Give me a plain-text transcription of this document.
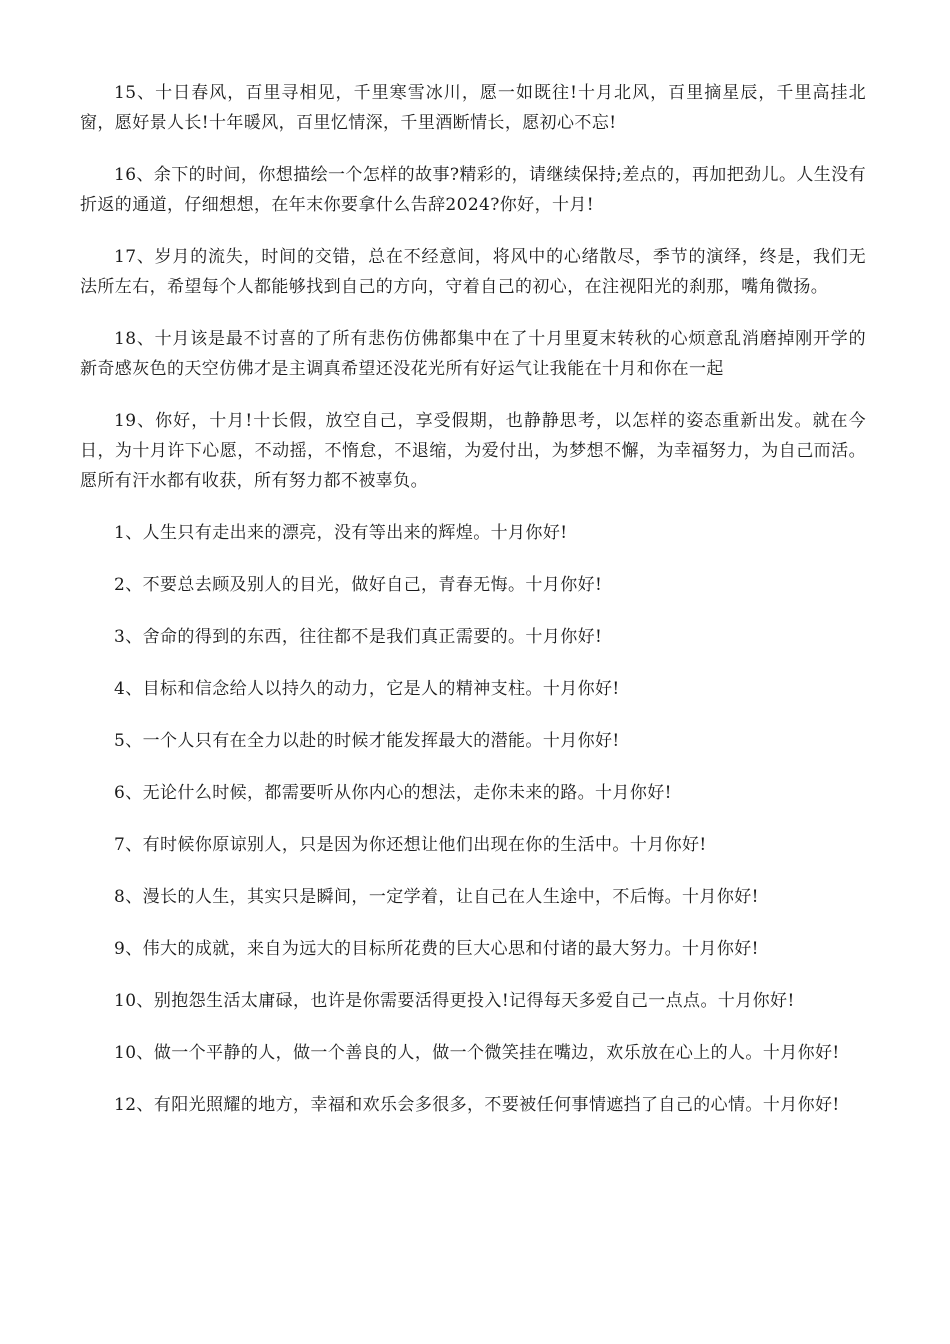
15、十日春风，百里寻相见，千里寒雪冰川，愿一如既往!十月北风，百里摘星辰，千里高挂北窗，愿好景人长!十年暖风，百里忆情深，千里酒断情长，愿初心不忘!

16、余下的时间，你想描绘一个怎样的故事?精彩的，请继续保持;差点的，再加把劲儿。人生没有折返的通道，仔细想想，在年末你要拿什么告辞2024?你好，十月!

17、岁月的流失，时间的交错，总在不经意间，将风中的心绪散尽，季节的演绎，终是，我们无法所左右，希望每个人都能够找到自己的方向，守着自己的初心，在注视阳光的刹那，嘴角微扬。

18、十月该是最不讨喜的了所有悲伤仿佛都集中在了十月里夏末转秋的心烦意乱消磨掉刚开学的新奇感灰色的天空仿佛才是主调真希望还没花光所有好运气让我能在十月和你在一起

19、你好，十月!十长假，放空自己，享受假期，也静静思考，以怎样的姿态重新出发。就在今日，为十月许下心愿，不动摇，不惰怠，不退缩，为爱付出，为梦想不懈，为幸福努力，为自己而活。愿所有汗水都有收获，所有努力都不被辜负。

1、人生只有走出来的漂亮，没有等出来的辉煌。十月你好!

2、不要总去顾及别人的目光，做好自己，青春无悔。十月你好!

3、舍命的得到的东西，往往都不是我们真正需要的。十月你好!

4、目标和信念给人以持久的动力，它是人的精神支柱。十月你好!

5、一个人只有在全力以赴的时候才能发挥最大的潜能。十月你好!

6、无论什么时候，都需要听从你内心的想法，走你未来的路。十月你好!

7、有时候你原谅别人，只是因为你还想让他们出现在你的生活中。十月你好!

8、漫长的人生，其实只是瞬间，一定学着，让自己在人生途中，不后悔。十月你好!

9、伟大的成就，来自为远大的目标所花费的巨大心思和付诸的最大努力。十月你好!

10、别抱怨生活太庸碌，也许是你需要活得更投入!记得每天多爱自己一点点。十月你好!

10、做一个平静的人，做一个善良的人，做一个微笑挂在嘴边，欢乐放在心上的人。十月你好!

12、有阳光照耀的地方，幸福和欢乐会多很多，不要被任何事情遮挡了自己的心情。十月你好!
